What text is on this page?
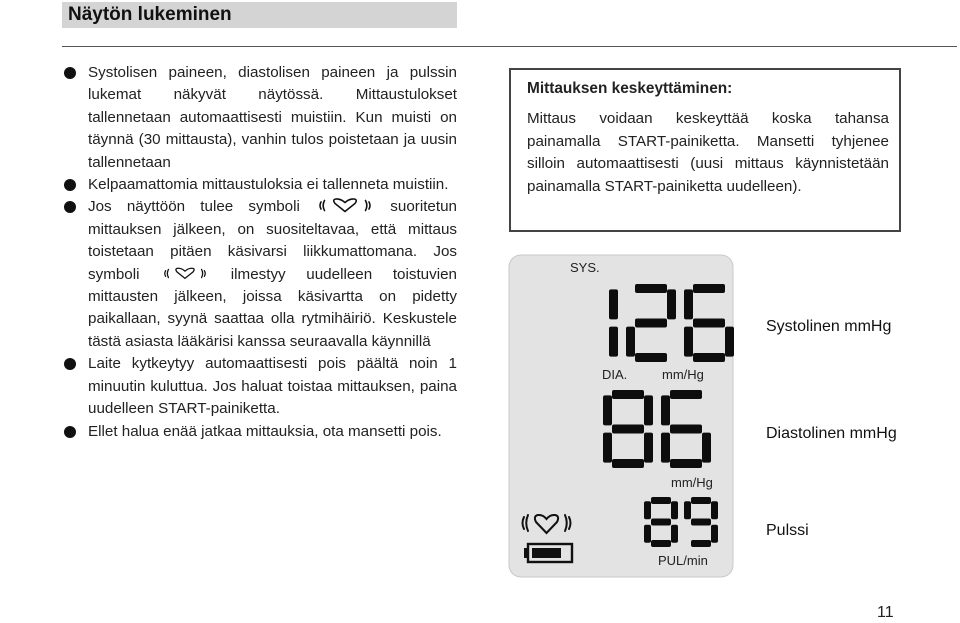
Näytön lukeminen

Systolisen paineen, diastolisen paineen ja pulssin lukemat näkyvät näytössä. Mittaustulokset tallennetaan automaattisesti muistiin. Kun muisti on täynnä (30 mittausta), vanhin tulos poistetaan ja uusin tallennetaan

Kelpaamattomia mittaustuloksia ei tallenneta muistiin.

Jos näyttöön tulee symboli	suoritetun mittauksen jälkeen, on suositeltavaa, että mittaus toistetaan pitäen käsivarsi liikkumattomana. Jos symboli	ilmestyy uudelleen toistuvien mittausten jälkeen, joissa käsivartta on pidetty paikallaan, syynä saattaa olla rytmihäiriö. Keskustele tästä asiasta lääkärisi kanssa seuraavalla käynnillä

Laite kytkeytyy automaattisesti pois päältä noin 1 minuutin kuluttua. Jos haluat toistaa mittauksen, paina uudelleen START-painiketta.

Ellet halua enää jatkaa mittauksia, ota mansetti pois.

Mittauksen keskeyttäminen:

Mittaus voidaan keskeyttää koska tahansa painamalla START-painiketta. Mansetti tyhjenee silloin automaattisesti (uusi mittaus käynnistetään painamalla START-painiketta uudelleen).

SYS.
DIA.	mm/Hg
mm/Hg
PUL/min
Systolinen mmHg
Diastolinen mmHg
Pulssi
11
